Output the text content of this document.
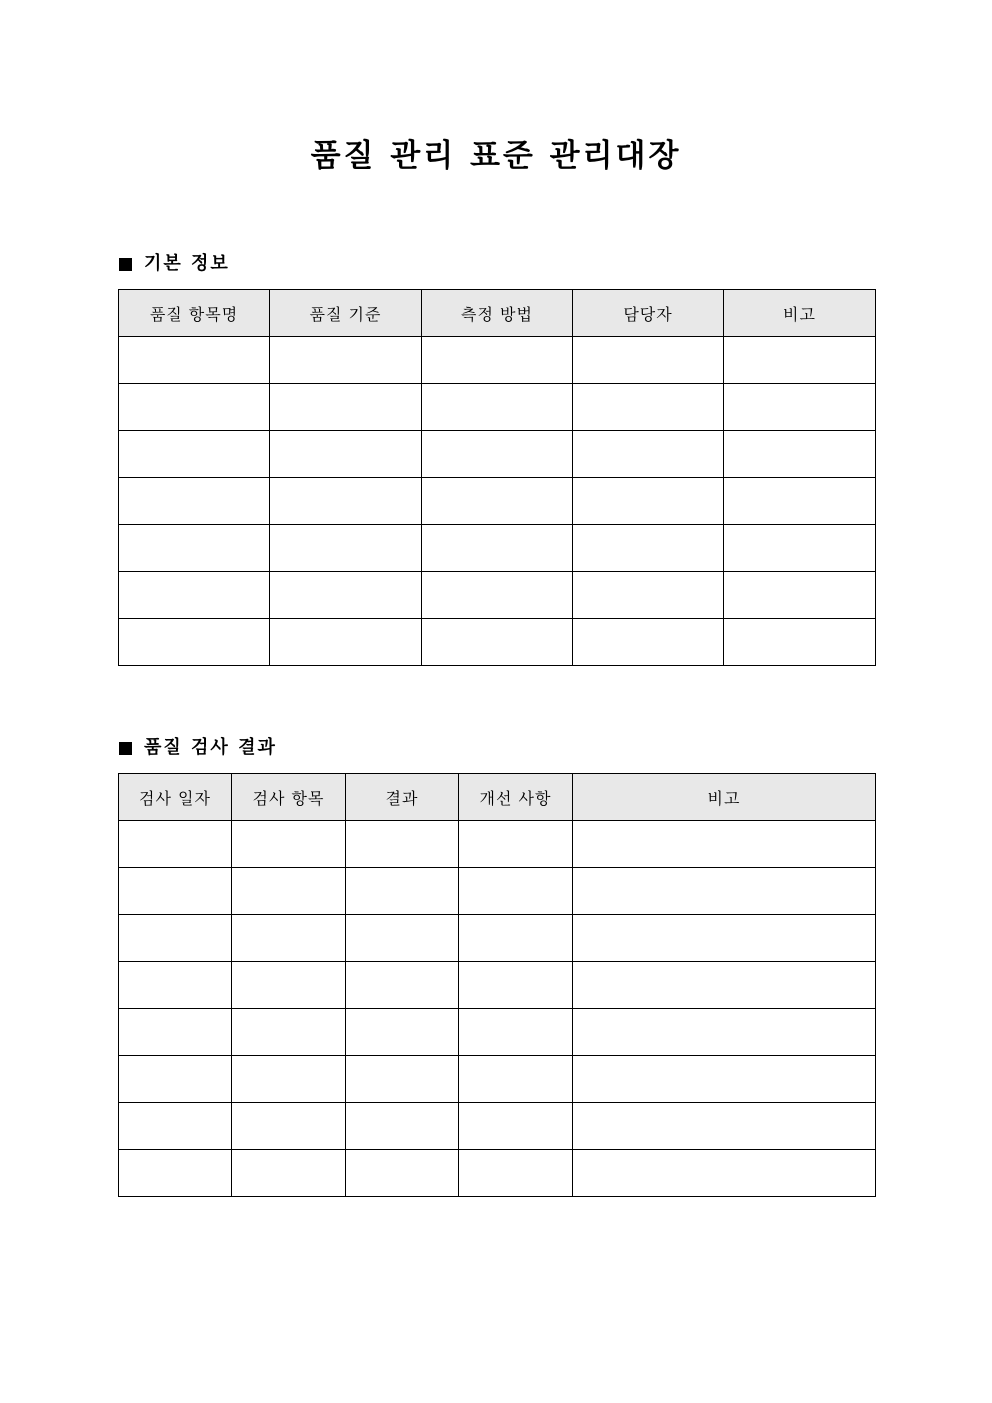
품질 관리 표준 관리대장
기본 정보
품질 항목명	품질 기준	측정 방법	담당자	비고

품질 검사 결과
검사 일자	검사 항목	결과	개선 사항	비고
